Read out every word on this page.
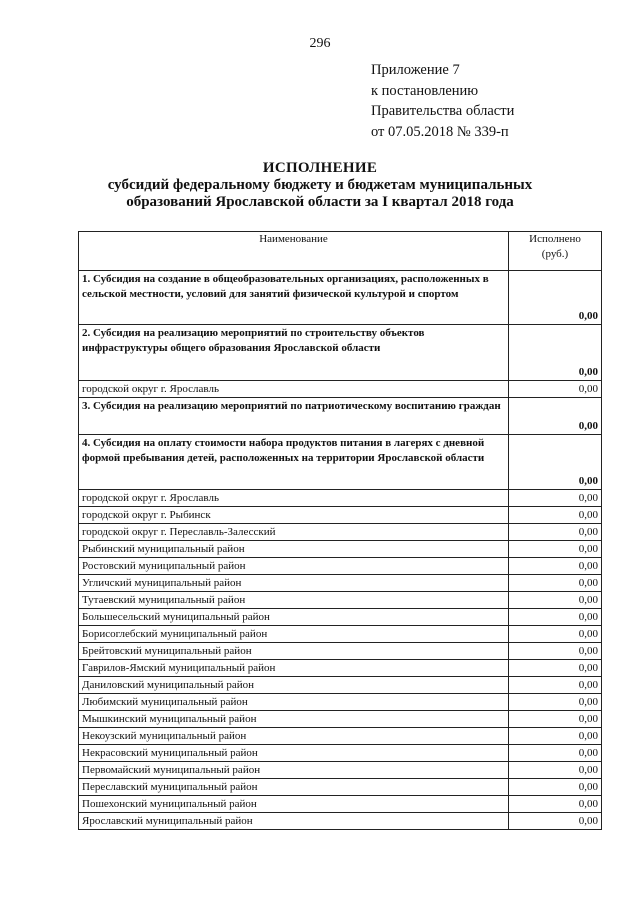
296
Приложение 7
к постановлению
Правительства области
от 07.05.2018 № 339-п
ИСПОЛНЕНИЕ
субсидий федеральному бюджету и бюджетам муниципальных
образований Ярославской области за I квартал 2018 года
Наименование	Исполнено
(руб.)

1. Субсидия на создание в общеобразовательных организациях, расположенных в сельской местности, условий для занятий физической культурой и спортом	0,00
2. Субсидия на реализацию мероприятий по строительству объектов инфраструктуры общего образования Ярославской области	0,00
городской округ г. Ярославль	0,00
3. Субсидия на реализацию мероприятий по патриотическому воспитанию граждан	0,00
4. Субсидия на оплату стоимости набора продуктов питания в лагерях с дневной формой пребывания детей, расположенных на территории Ярославской области	0,00
городской округ г. Ярославль	0,00
городской округ г. Рыбинск	0,00
городской округ г. Переславль-Залесский	0,00
Рыбинский муниципальный район	0,00
Ростовский муниципальный район	0,00
Угличский муниципальный район	0,00
Тутаевский муниципальный район	0,00
Большесельский муниципальный район	0,00
Борисоглебский муниципальный район	0,00
Брейтовский муниципальный район	0,00
Гаврилов-Ямский муниципальный район	0,00
Даниловский муниципальный район	0,00
Любимский муниципальный район	0,00
Мышкинский муниципальный район	0,00
Некоузский муниципальный район	0,00
Некрасовский муниципальный район	0,00
Первомайский муниципальный район	0,00
Переславский муниципальный район	0,00
Пошехонский муниципальный район	0,00
Ярославский муниципальный район	0,00
